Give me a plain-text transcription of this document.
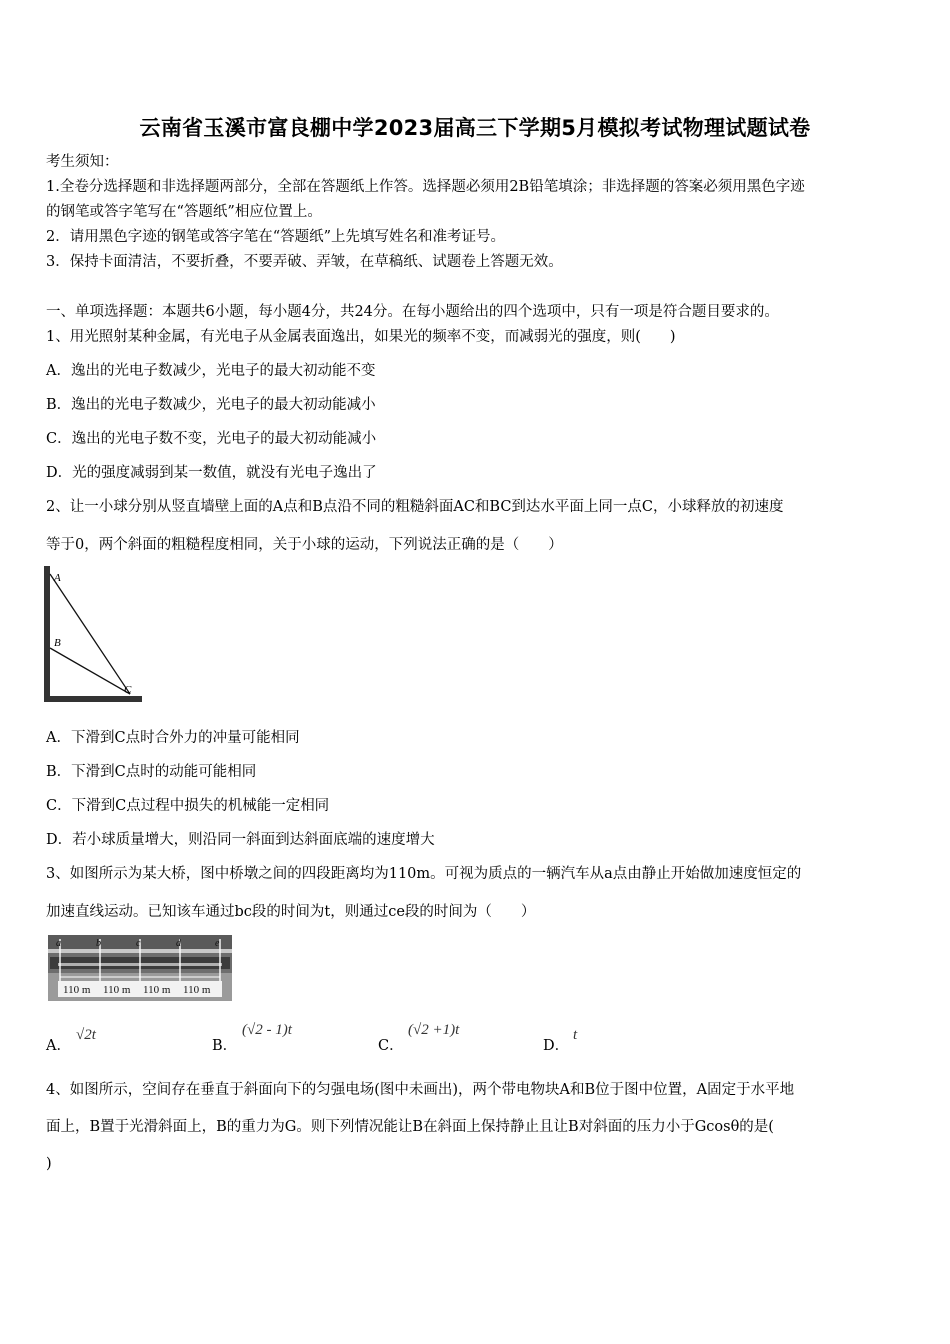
云南省玉溪市富良棚中学2023届高三下学期5月模拟考试物理试题试卷
考生须知：
1.全卷分选择题和非选择题两部分，全部在答题纸上作答。选择题必须用2B铅笔填涂；非选择题的答案必须用黑色字迹
的钢笔或答字笔写在“答题纸”相应位置上。
2．请用黑色字迹的钢笔或答字笔在“答题纸”上先填写姓名和准考证号。
3．保持卡面清洁，不要折叠，不要弄破、弄皱，在草稿纸、试题卷上答题无效。
一、单项选择题：本题共6小题，每小题4分，共24分。在每小题给出的四个选项中，只有一项是符合题目要求的。
1、用光照射某种金属，有光电子从金属表面逸出，如果光的频率不变，而减弱光的强度，则(　　)
A．逸出的光电子数减少，光电子的最大初动能不变
B．逸出的光电子数减少，光电子的最大初动能减小
C．逸出的光电子数不变，光电子的最大初动能减小
D．光的强度减弱到某一数值，就没有光电子逸出了
2、让一小球分别从竖直墙壁上面的A点和B点沿不同的粗糙斜面AC和BC到达水平面上同一点C，小球释放的初速度
等于0，两个斜面的粗糙程度相同，关于小球的运动，下列说法正确的是（　　）
A
B
C
A．下滑到C点时合外力的冲量可能相同
B．下滑到C点时的动能可能相同
C．下滑到C点过程中损失的机械能一定相同
D．若小球质量增大，则沿同一斜面到达斜面底端的速度增大
3、如图所示为某大桥，图中桥墩之间的四段距离均为110m。可视为质点的一辆汽车从a点由静止开始做加速度恒定的
加速直线运动。已知该车通过bc段的时间为t，则通过ce段的时间为（　　）
a	b	c	d	e
110 m 110 m 110 m 110 m
A．
√2t
B．
(√2 - 1)t
C．
(√2 +1)t
D．
t
4、如图所示，空间存在垂直于斜面向下的匀强电场(图中未画出)，两个带电物块A和B位于图中位置，A固定于水平地
面上，B置于光滑斜面上，B的重力为G。则下列情况能让B在斜面上保持静止且让B对斜面的压力小于Gcosθ的是(
)
